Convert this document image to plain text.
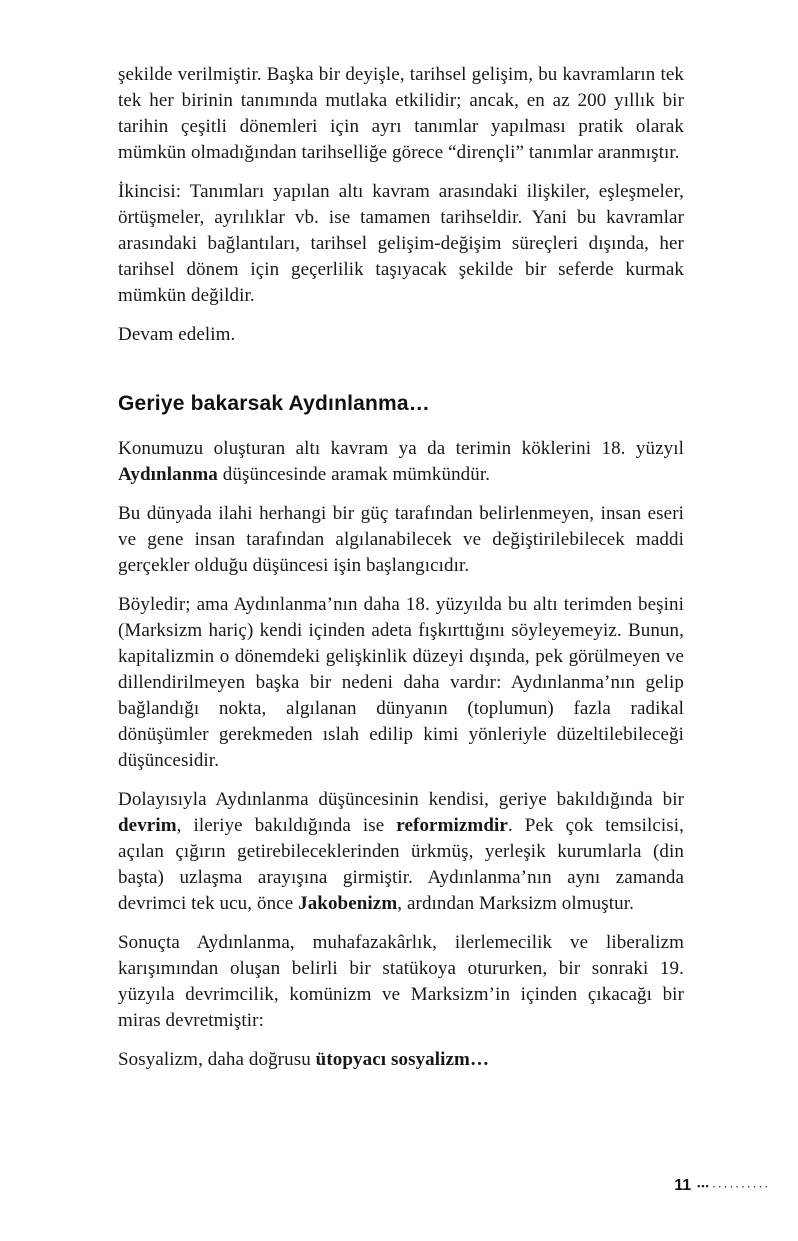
şekilde verilmiştir. Başka bir deyişle, tarihsel gelişim, bu kavramların tek tek her birinin tanımında mutlaka etkilidir; ancak, en az 200 yıllık bir tarihin çeşitli dönemleri için ayrı tanımlar yapılması pratik olarak mümkün olmadığından tarihselliğe görece “dirençli” tanımlar aranmıştır.

İkincisi: Tanımları yapılan altı kavram arasındaki ilişkiler, eşleşmeler, örtüşmeler, ayrılıklar vb. ise tamamen tarihseldir. Yani bu kavramlar arasındaki bağlantıları, tarihsel gelişim-değişim süreçleri dışında, her tarihsel dönem için geçerlilik taşıyacak şekilde bir seferde kurmak mümkün değildir.

Devam edelim.

Geriye bakarsak Aydınlanma…

Konumuzu oluşturan altı kavram ya da terimin köklerini 18. yüzyıl Aydınlanma düşüncesinde aramak mümkündür.

Bu dünyada ilahi herhangi bir güç tarafından belirlenmeyen, insan eseri ve gene insan tarafından algılanabilecek ve değiştirilebilecek maddi gerçekler olduğu düşüncesi işin başlangıcıdır.

Böyledir; ama Aydınlanma’nın daha 18. yüzyılda bu altı terimden beşini (Marksizm hariç) kendi içinden adeta fışkırttığını söyleyemeyiz. Bunun, kapitalizmin o dönemdeki gelişkinlik düzeyi dışında, pek görülmeyen ve dillendirilmeyen başka bir nedeni daha vardır: Aydınlanma’nın gelip bağlandığı nokta, algılanan dünyanın (toplumun) fazla radikal dönüşümler gerekmeden ıslah edilip kimi yönleriyle düzeltilebileceği düşüncesidir.

Dolayısıyla Aydınlanma düşüncesinin kendisi, geriye bakıldığında bir devrim, ileriye bakıldığında ise reformizmdir. Pek çok temsilcisi, açılan çığırın getirebileceklerinden ürkmüş, yerleşik kurumlarla (din başta) uzlaşma arayışına girmiştir. Aydınlanma’nın aynı zamanda devrimci tek ucu, önce Jakobenizm, ardından Marksizm olmuştur.

Sonuçta Aydınlanma, muhafazakârlık, ilerlemecilik ve liberalizm karışımından oluşan belirli bir statükoya otururken, bir sonraki 19. yüzyıla devrimcilik, komünizm ve Marksizm’in içinden çıkacağı bir miras devretmiştir:

Sosyalizm, daha doğrusu ütopyacı sosyalizm…

11 ▪▪▪ ··········
